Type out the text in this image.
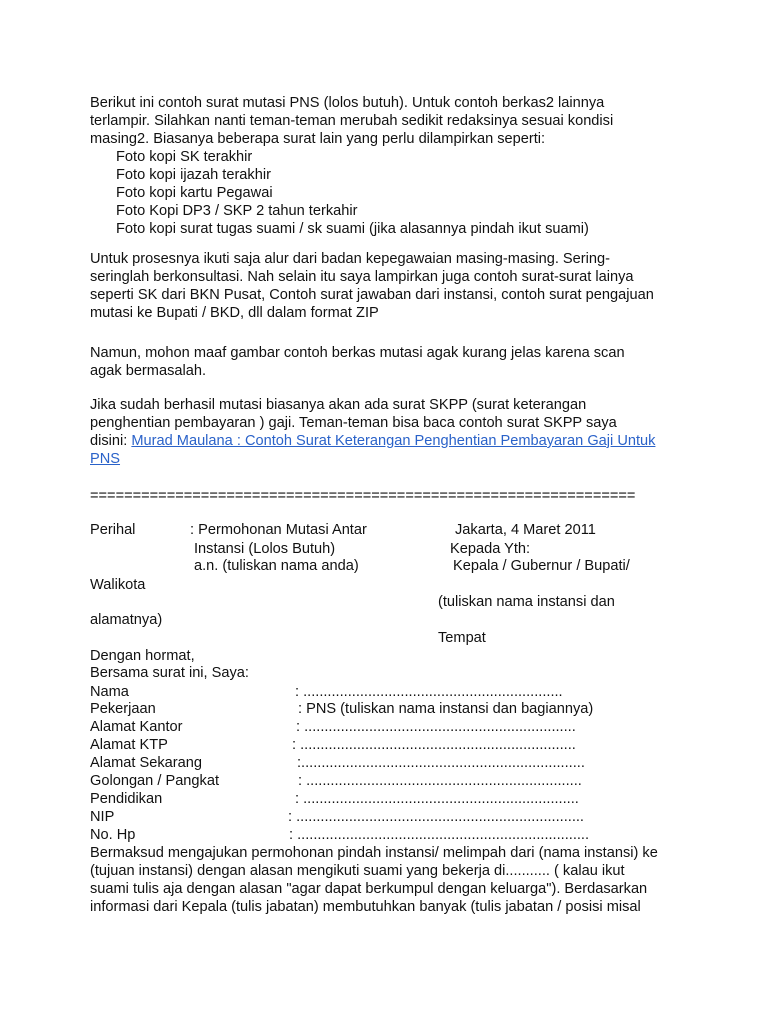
Berikut ini contoh surat mutasi PNS (lolos butuh). Untuk contoh berkas2 lainnya
terlampir. Silahkan nanti teman-teman merubah sedikit redaksinya sesuai kondisi
masing2. Biasanya beberapa surat lain yang perlu dilampirkan seperti:
Foto kopi SK terakhir
Foto kopi ijazah terakhir
Foto kopi kartu Pegawai
Foto Kopi DP3 / SKP 2 tahun terkahir
Foto kopi surat tugas suami / sk suami (jika alasannya pindah ikut suami)
Untuk prosesnya ikuti saja alur dari badan kepegawaian masing-masing. Sering-
seringlah berkonsultasi. Nah selain itu saya lampirkan juga contoh surat-surat lainya
seperti SK dari BKN Pusat, Contoh surat jawaban dari instansi, contoh surat pengajuan
mutasi ke Bupati / BKD, dll dalam format ZIP
Namun, mohon maaf gambar contoh berkas mutasi agak kurang jelas karena scan
agak bermasalah.
Jika sudah berhasil mutasi biasanya akan ada surat SKPP (surat keterangan
penghentian pembayaran ) gaji. Teman-teman bisa baca contoh surat SKPP saya
disini: Murad Maulana : Contoh Surat Keterangan Penghentian Pembayaran Gaji Untuk
PNS
================================================================
Perihal	: Permohonan Mutasi Antar
Instansi (Lolos Butuh)
a.n. (tuliskan nama anda)
Jakarta, 4 Maret 2011
Kepada Yth:
Kepala / Gubernur / Bupati/
Walikota
(tuliskan nama instansi dan
alamatnya)
Tempat
Dengan hormat,
Bersama surat ini, Saya:
Nama	: ................................................................
Pekerjaan	: PNS (tuliskan nama instansi dan bagiannya)
Alamat Kantor	: ...................................................................
Alamat KTP	: ....................................................................
Alamat Sekarang	:......................................................................
Golongan / Pangkat	: ....................................................................
Pendidikan	: ....................................................................
NIP	: .......................................................................
No. Hp	: ........................................................................
Bermaksud mengajukan permohonan pindah instansi/ melimpah dari (nama instansi) ke
(tujuan instansi) dengan alasan mengikuti suami yang bekerja di........... ( kalau ikut
suami tulis aja dengan alasan "agar dapat berkumpul dengan keluarga"). Berdasarkan
informasi dari Kepala (tulis jabatan) membutuhkan banyak (tulis jabatan / posisi misal
